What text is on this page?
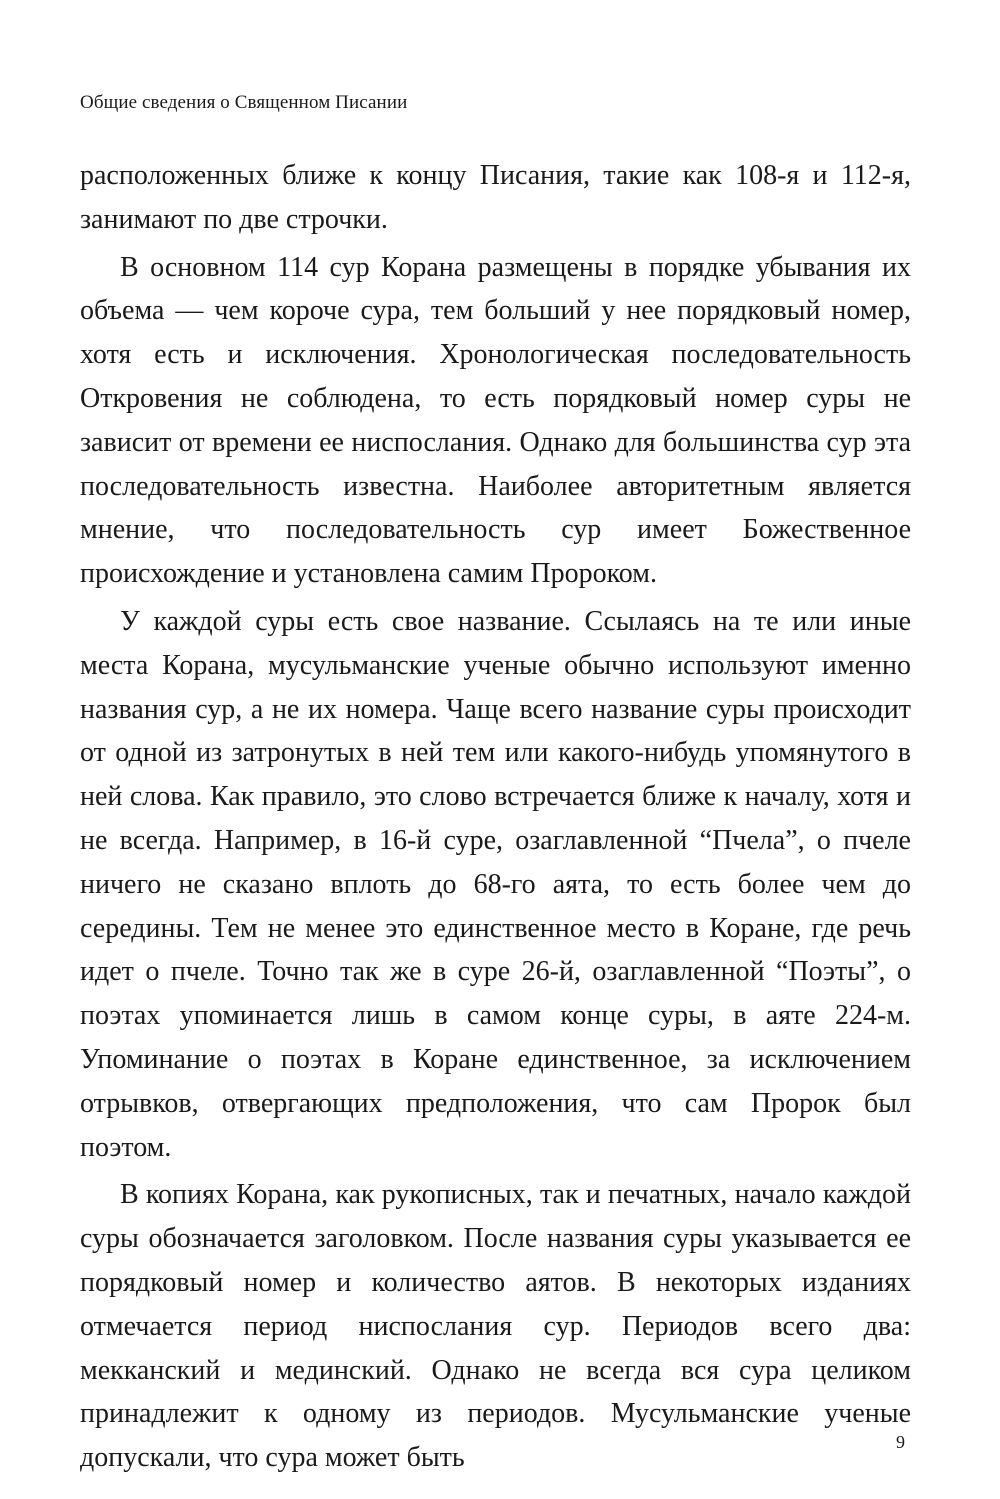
Общие сведения о Священном Писании

расположенных ближе к концу Писания, такие как 108-я и 112-я, занимают по две строчки.

В основном 114 сур Корана размещены в порядке убывания их объема — чем короче сура, тем больший у нее порядковый номер, хотя есть и исключения. Хронологическая последовательность Откровения не соблюдена, то есть порядковый номер суры не зависит от времени ее ниспослания. Однако для большинства сур эта последовательность известна. Наиболее авторитетным является мнение, что последовательность сур имеет Божественное происхождение и установлена самим Пророком.

У каждой суры есть свое название. Ссылаясь на те или иные места Корана, мусульманские ученые обычно используют именно названия сур, а не их номера. Чаще всего название суры происходит от одной из затронутых в ней тем или какого-нибудь упомянутого в ней слова. Как правило, это слово встречается ближе к началу, хотя и не всегда. Например, в 16-й суре, озаглавленной “Пчела”, о пчеле ничего не сказано вплоть до 68-го аята, то есть более чем до середины. Тем не менее это единственное место в Коране, где речь идет о пчеле. Точно так же в суре 26-й, озаглавленной “Поэты”, о поэтах упоминается лишь в самом конце суры, в аяте 224-м. Упоминание о поэтах в Коране единственное, за исключением отрывков, отвергающих предположения, что сам Пророк был поэтом.

В копиях Корана, как рукописных, так и печатных, начало каждой суры обозначается заголовком. После названия суры указывается ее порядковый номер и количество аятов. В некоторых изданиях отмечается период ниспослания сур. Периодов всего два: мекканский и мединский. Однако не всегда вся сура целиком принадлежит к одному из периодов. Мусульманские ученые допускали, что сура может быть

9
